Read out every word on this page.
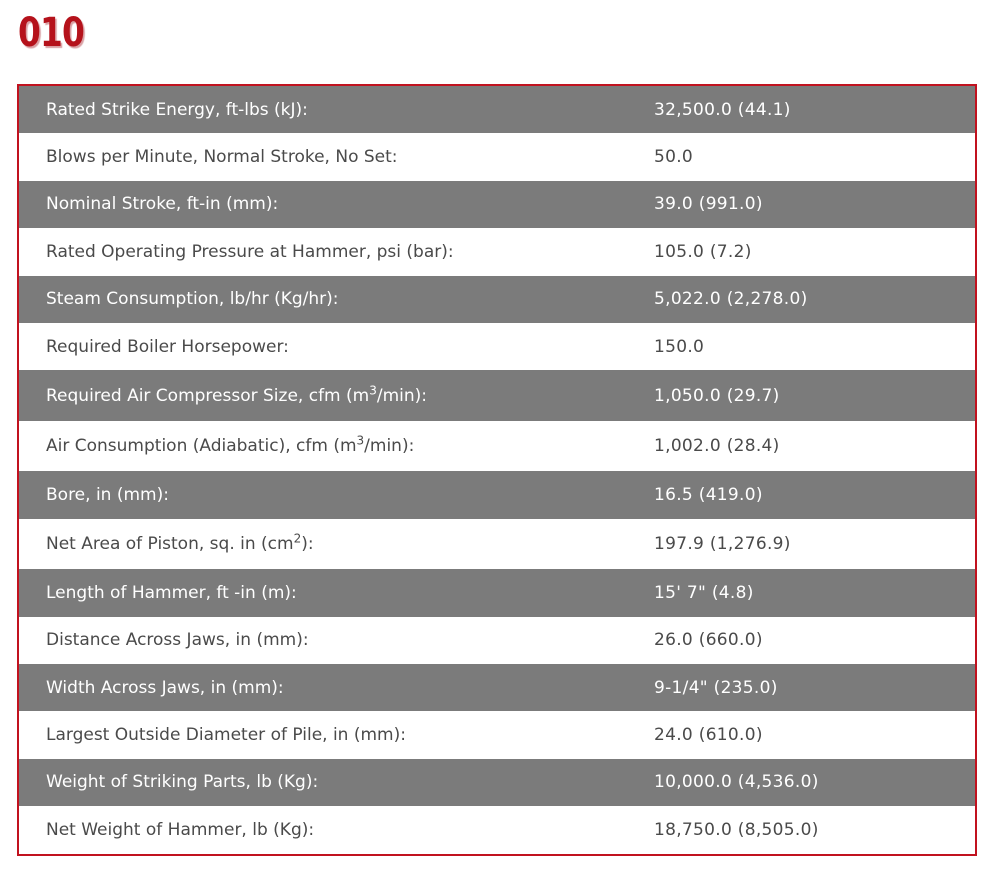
010
Rated Strike Energy, ft-lbs (kJ):	32,500.0 (44.1)
Blows per Minute, Normal Stroke, No Set:	50.0
Nominal Stroke, ft-in (mm):	39.0 (991.0)
Rated Operating Pressure at Hammer, psi (bar):	105.0 (7.2)
Steam Consumption, lb/hr (Kg/hr):	5,022.0 (2,278.0)
Required Boiler Horsepower:	150.0
Required Air Compressor Size, cfm $(m^3/\min)$:	1,050.0 (29.7)
Air Consumption (Adiabatic), cfm $(m^3/\min)$:	1,002.0 (28.4)
Bore, in (mm):	16.5 (419.0)
Net Area of Piston, sq. in $(cm^2)$:	197.9 (1,276.9)
Length of Hammer, ft -in (m):	15' 7" (4.8)
Distance Across Jaws, in (mm):	26.0 (660.0)
Width Across Jaws, in (mm):	9-1/4" (235.0)
Largest Outside Diameter of Pile, in (mm):	24.0 (610.0)
Weight of Striking Parts, lb (Kg):	10,000.0 (4,536.0)
Net Weight of Hammer, lb (Kg):	18,750.0 (8,505.0)
